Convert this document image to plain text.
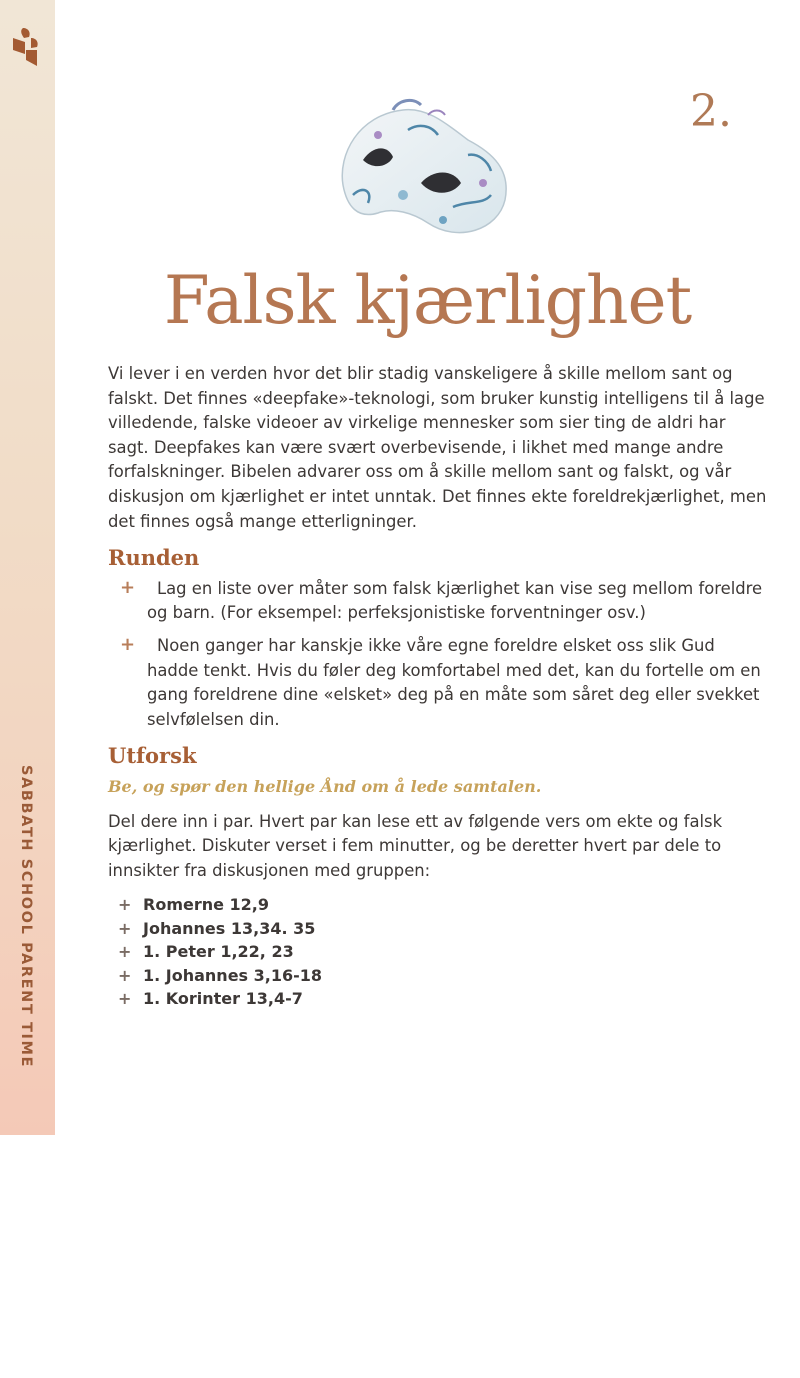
SABBATH SCHOOL PARENT TIME
2.
Falsk kjærlighet

Vi lever i en verden hvor det blir stadig vanskeligere å skille mellom sant og falskt. Det finnes «deepfake»-teknologi, som bruker kunstig intelligens til å lage villedende, falske videoer av virkelige mennesker som sier ting de aldri har sagt. Deepfakes kan være svært overbevisende, i likhet med mange andre forfalskninger. Bibelen advarer oss om å skille mellom sant og falskt, og vår diskusjon om kjærlighet er intet unntak. Det finnes ekte foreldrekjærlighet, men det finnes også mange etterligninger.

Runden
+	Lag en liste over måter som falsk kjærlighet kan vise seg mellom foreldre og barn. (For eksempel: perfeksjonistiske forventninger osv.)
+	Noen ganger har kanskje ikke våre egne foreldre elsket oss slik Gud hadde tenkt. Hvis du føler deg komfortabel med det, kan du fortelle om en gang foreldrene dine «elsket» deg på en måte som såret deg eller svekket selvfølelsen din.
Utforsk
Be, og spør den hellige Ånd om å lede samtalen.

Del dere inn i par. Hvert par kan lese ett av følgende vers om ekte og falsk kjærlighet. Diskuter verset i fem minutter, og be deretter hvert par dele to innsikter fra diskusjonen med gruppen:

+ Romerne 12,9
+ Johannes 13,34. 35
+ 1. Peter 1,22, 23
+ 1. Johannes 3,16-18
+ 1. Korinter 13,4-7
